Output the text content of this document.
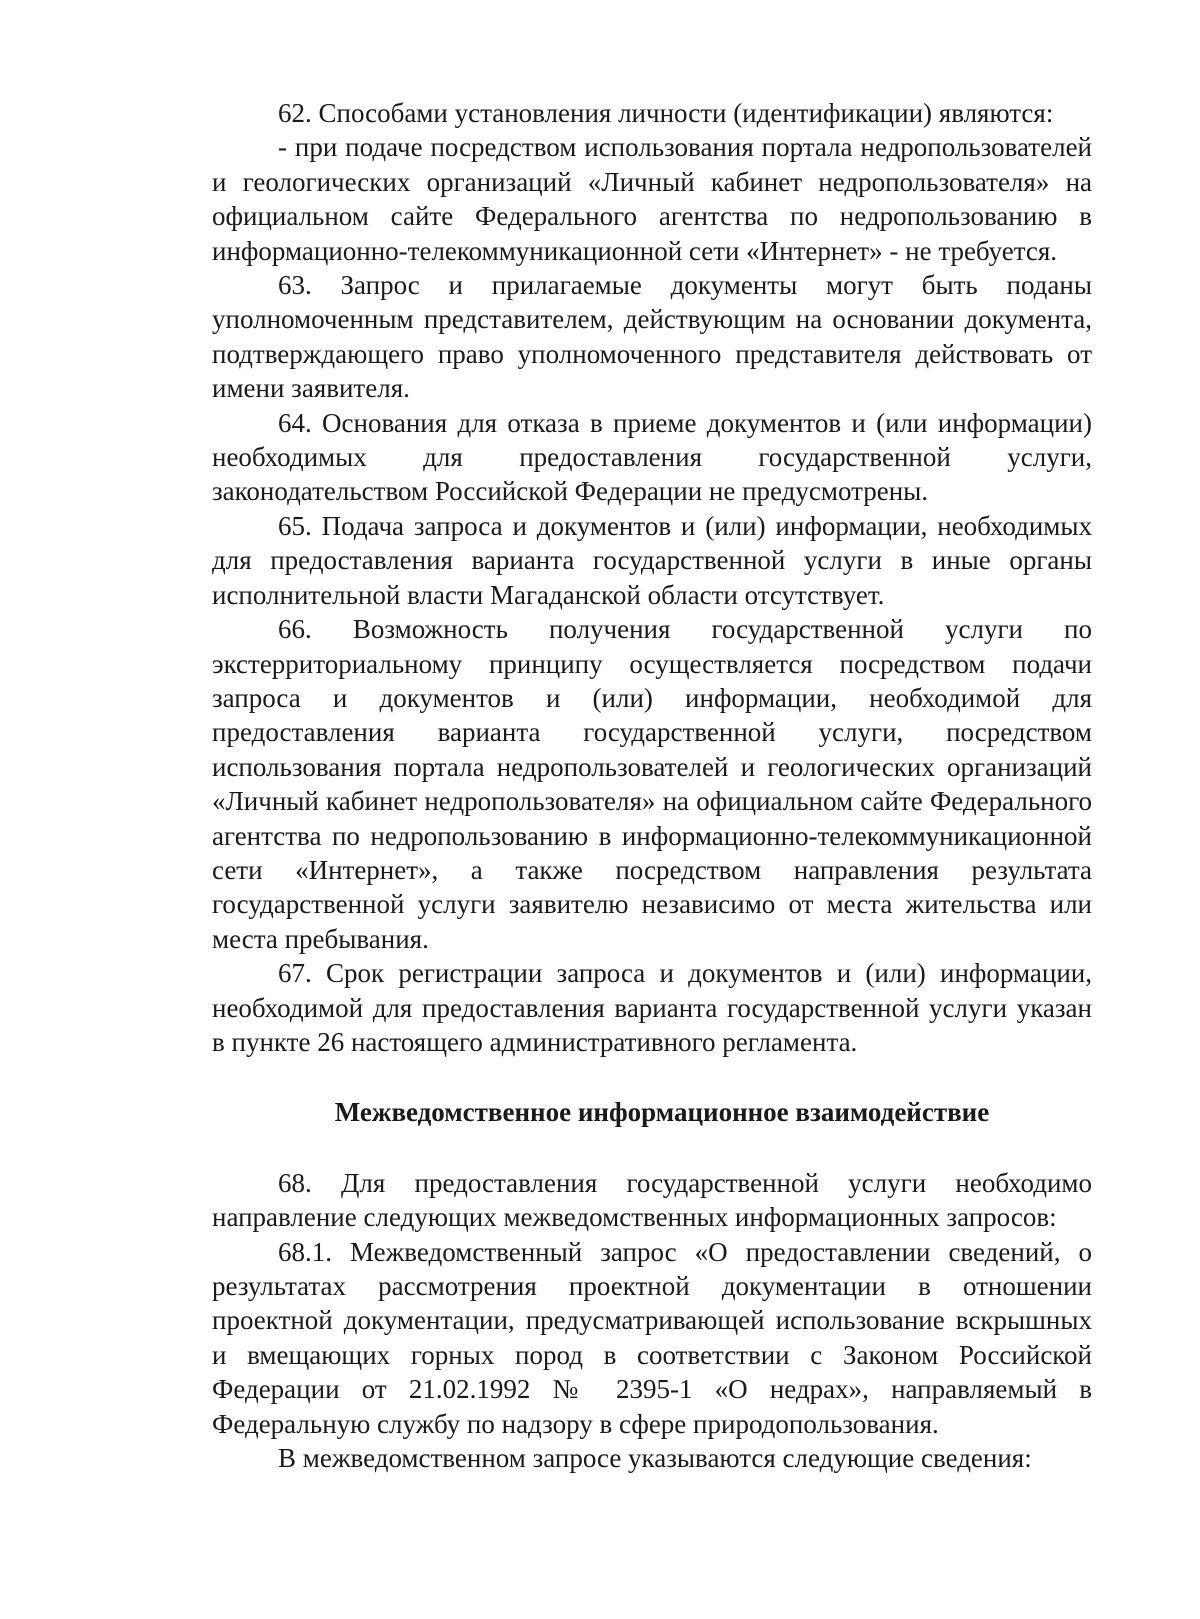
62. Способами установления личности (идентификации) являются:

- при подаче посредством использования портала недропользователей и геологических организаций «Личный кабинет недропользователя» на официальном сайте Федерального агентства по недропользованию в информационно-телекоммуникационной сети «Интернет» - не требуется.

63. Запрос и прилагаемые документы могут быть поданы уполномоченным представителем, действующим на основании документа, подтверждающего право уполномоченного представителя действовать от имени заявителя.

64. Основания для отказа в приеме документов и (или информации) необходимых для предоставления государственной услуги, законодательством Российской Федерации не предусмотрены.

65. Подача запроса и документов и (или) информации, необходимых для предоставления варианта государственной услуги в иные органы исполнительной власти Магаданской области отсутствует.

66. Возможность получения государственной услуги по экстерриториальному принципу осуществляется посредством подачи запроса и документов и (или) информации, необходимой для предоставления варианта государственной услуги, посредством использования портала недропользователей и геологических организаций «Личный кабинет недропользователя» на официальном сайте Федерального агентства по недропользованию в информационно-телекоммуникационной сети «Интернет», а также посредством направления результата государственной услуги заявителю независимо от места жительства или места пребывания.

67. Срок регистрации запроса и документов и (или) информации, необходимой для предоставления варианта государственной услуги указан в пункте 26 настоящего административного регламента.

Межведомственное информационное взаимодействие

68. Для предоставления государственной услуги необходимо направление следующих межведомственных информационных запросов:

68.1. Межведомственный запрос «О предоставлении сведений, о результатах рассмотрения проектной документации в отношении проектной документации, предусматривающей использование вскрышных и вмещающих горных пород в соответствии с Законом Российской Федерации от 21.02.1992 № 2395-1 «О недрах», направляемый в Федеральную службу по надзору в сфере природопользования.

В межведомственном запросе указываются следующие сведения:
